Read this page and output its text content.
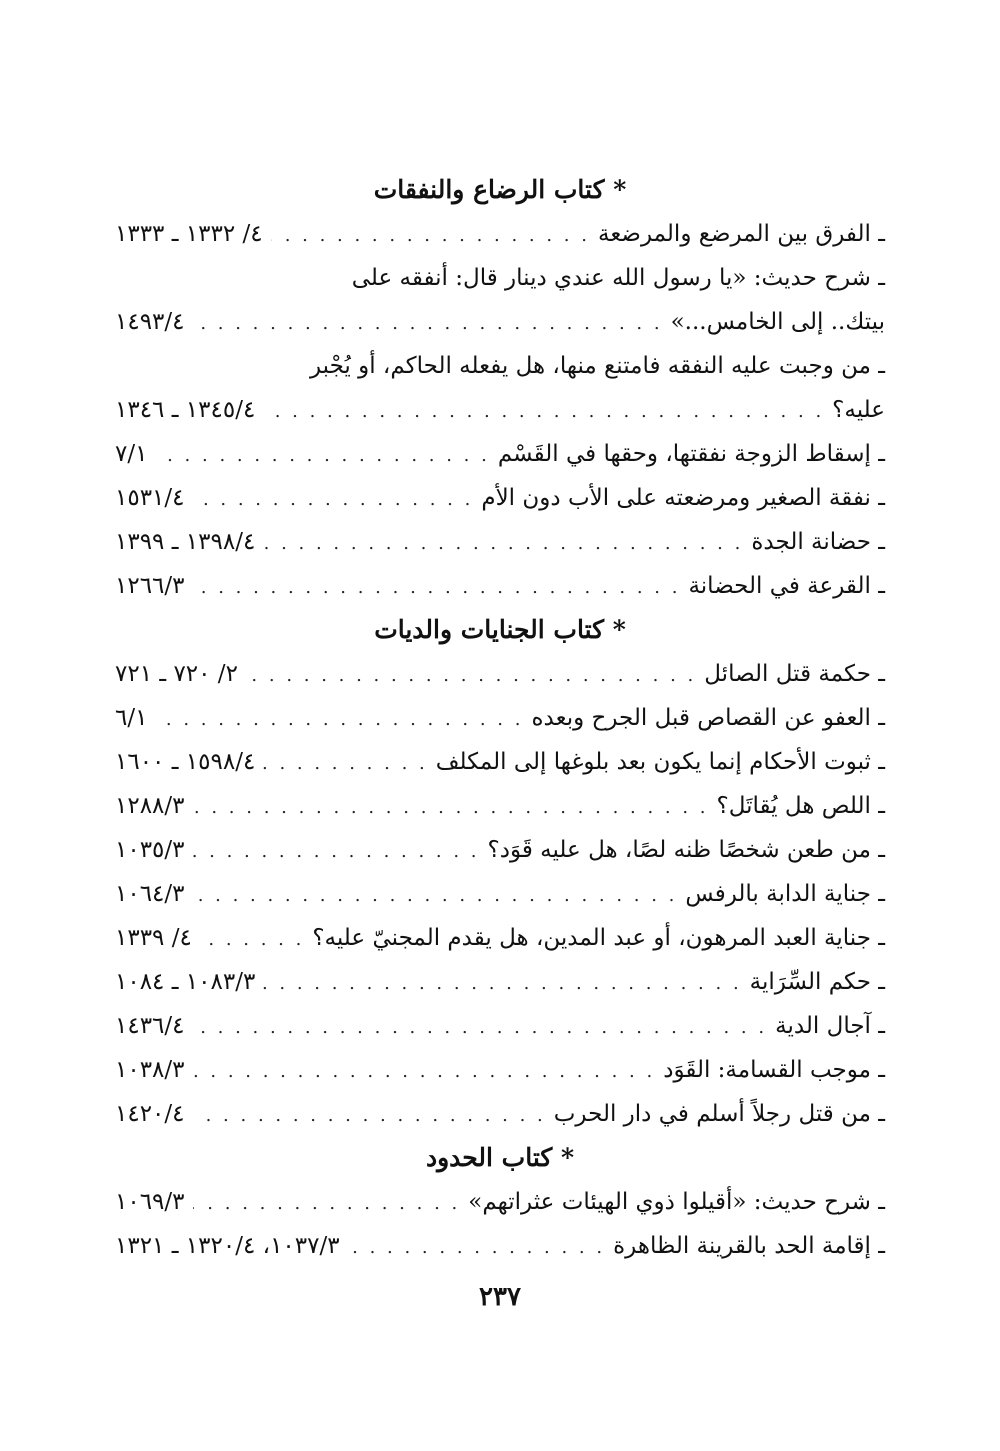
* كتاب الرضاع والنفقات
ـ الفرق بين المرضع والمرضعة
. . .
٤/ ١٣٣٢ ـ ١٣٣٣
ـ شرح حديث: «يا رسول الله عندي دينار قال: أنفقه على
بيتك.. إلى الخامس...»
. . .
١٤٩٣/٤
ـ من وجبت عليه النفقه فامتنع منها، هل يفعله الحاكم، أو يُجْبر
عليه؟
. . .
١٣٤٥/٤ ـ ١٣٤٦
ـ إسقاط الزوجة نفقتها، وحقها في القَسْم
. . .
٧/١
ـ نفقة الصغير ومرضعته على الأب دون الأم
. . .
١٥٣١/٤
ـ حضانة الجدة
. . .
١٣٩٨/٤ ـ ١٣٩٩
ـ القرعة في الحضانة
. . .
١٢٦٦/٣
* كتاب الجنايات والديات
ـ حكمة قتل الصائل
. . .
٢/ ٧٢٠ ـ ٧٢١
ـ العفو عن القصاص قبل الجرح وبعده
. . .
٦/١
ـ ثبوت الأحكام إنما يكون بعد بلوغها إلى المكلف
. . .
١٥٩٨/٤ ـ ١٦٠٠
ـ اللص هل يُقاتَل؟
. . .
١٢٨٨/٣
ـ من طعن شخصًا ظنه لصًا، هل عليه قَوَد؟
. . .
١٠٣٥/٣
ـ جناية الدابة بالرفس
. . .
١٠٦٤/٣
ـ جناية العبد المرهون، أو عبد المدين، هل يقدم المجنيّ عليه؟
. . .
٤/ ١٣٣٩
ـ حكم السِّرَاية
. . .
١٠٨٣/٣ ـ ١٠٨٤
ـ آجال الدية
. . .
١٤٣٦/٤
ـ موجب القسامة: القَوَد
. . .
١٠٣٨/٣
ـ من قتل رجلاً أسلم في دار الحرب
. . .
١٤٢٠/٤
* كتاب الحدود
ـ شرح حديث: «أقيلوا ذوي الهيئات عثراتهم»
. . .
١٠٦٩/٣
ـ إقامة الحد بالقرينة الظاهرة
. . .
١٠٣٧/٣، ١٣٢٠/٤ ـ ١٣٢١
٢٣٧
